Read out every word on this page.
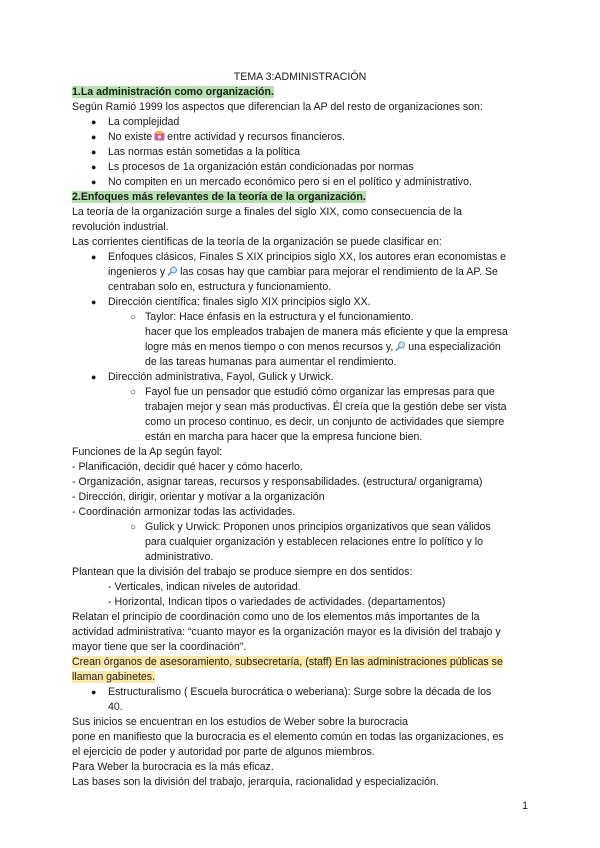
TEMA 3:ADMINISTRACIÓN
1.La administración como organización.
Según Ramió 1999 los aspectos que diferencian la AP del resto de organizaciones son:
● La complejidad
● No existe entre actividad y recursos financieros.
● Las normas están sometidas a la política
● Ls procesos de 1a organización están condicionadas por normas
● No compiten en un mercado económico pero si en el político y administrativo.
2.Enfoques más relevantes de la teoría de la organización.
La teoría de la organización surge a finales del siglo XIX, como consecuencia de la
revolución industrial.
Las corrientes científicas de la teoría de la organización se puede clasificar en:
● Enfoques clásicos, Finales S XIX principios siglo XX, los autores eran economistas e
ingenieros y las cosas hay que cambiar para mejorar el rendimiento de la AP. Se
centraban solo en, estructura y funcionamiento.
● Dirección científica: finales siglo XIX principios siglo XX.
○ Taylor: Hace énfasis en la estructura y el funcionamiento.
hacer que los empleados trabajen de manera más eficiente y que la empresa
logre más en menos tiempo o con menos recursos y, una especialización
de las tareas humanas para aumentar el rendimiento.
● Dirección administrativa, Fayol, Gulick y Urwick.
○ Fayol fue un pensador que estudió cómo organizar las empresas para que
trabajen mejor y sean más productivas. Él creía que la gestión debe ser vista
como un proceso continuo, es decir, un conjunto de actividades que siempre
están en marcha para hacer que la empresa funcione bien.
Funciones de la Ap según fayol:
- Planificación, decidir qué hacer y cómo hacerlo.
- Organización, asignar tareas, recursos y responsabilidades. (estructura/ organigrama)
- Dirección, dirigir, orientar y motivar a la organización
- Coordinación armonizar todas las actividades.
○ Gulick y Urwick: Proponen unos principios organizativos que sean válidos
para cualquier organización y establecen relaciones entre lo político y lo
administrativo.
Plantean que la división del trabajo se produce siempre en dos sentidos:
- Verticales, indican niveles de autoridad.
- Horizontal, Indican tipos o variedades de actividades. (departamentos)
Relatan el principio de coordinación como uno de los elementos más importantes de la
actividad administrativa: “cuanto mayor es la organización mayor es la división del trabajo y
mayor tiene que ser la coordinación”.
Crean órganos de asesoramiento, subsecretaría, (staff) En las administraciones públicas se
llaman gabinetes.
● Estructuralismo ( Escuela burocrática o weberiana): Surge sobre la década de los
40.
Sus inicios se encuentran en los estudios de Weber sobre la burocracia
pone en manifiesto que la burocracia es el elemento común en todas las organizaciones, es
el ejercicio de poder y autoridad por parte de algunos miembros.
Para Weber la burocracia es la más eficaz.
Las bases son la división del trabajo, jerarquía, racionalidad y especialización.
1
